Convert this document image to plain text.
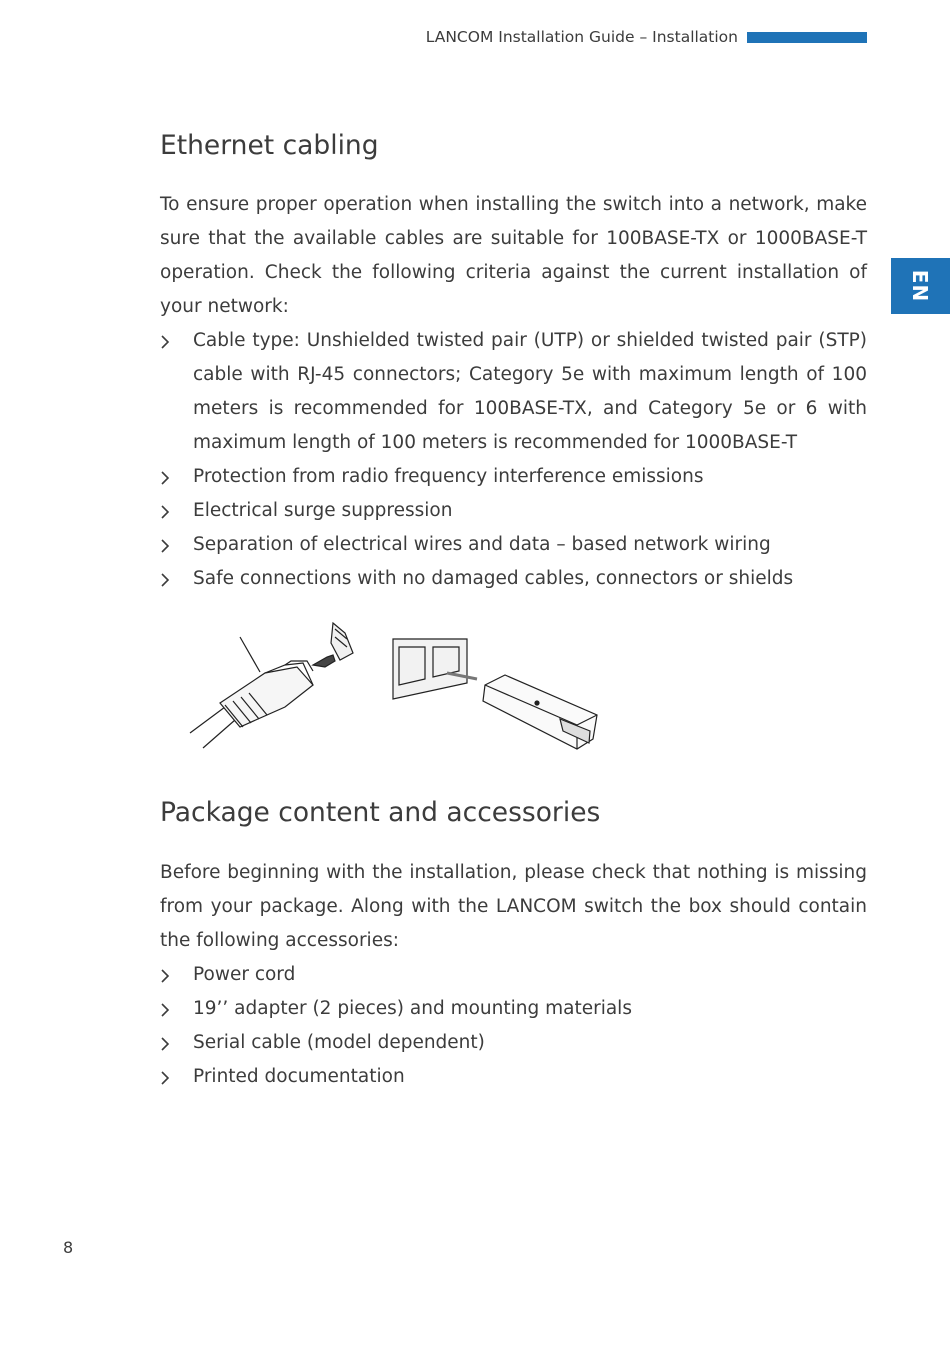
LANCOM Installation Guide – Installation
EN
Ethernet cabling

To ensure proper operation when installing the switch into a network, make sure that the available cables are suitable for 100BASE-TX or 1000BASE-T operation. Check the following criteria against the current installation of your network:

Cable type: Unshielded twisted pair (UTP) or shielded twisted pair (STP) cable with RJ-45 connectors; Category 5e with maximum length of 100 meters is recommended for 100BASE-TX, and Category 5e or 6 with maximum length of 100 meters is recommended for 1000BASE-T
Protection from radio frequency interference emissions
Electrical surge suppression
Separation of electrical wires and data – based network wiring
Safe connections with no damaged cables, connectors or shields
Package content and accessories

Before beginning with the installation, please check that nothing is missing from your package. Along with the LANCOM switch the box should contain the following accessories:

Power cord
19’’ adapter (2 pieces) and mounting materials
Serial cable (model dependent)
Printed documentation
8
